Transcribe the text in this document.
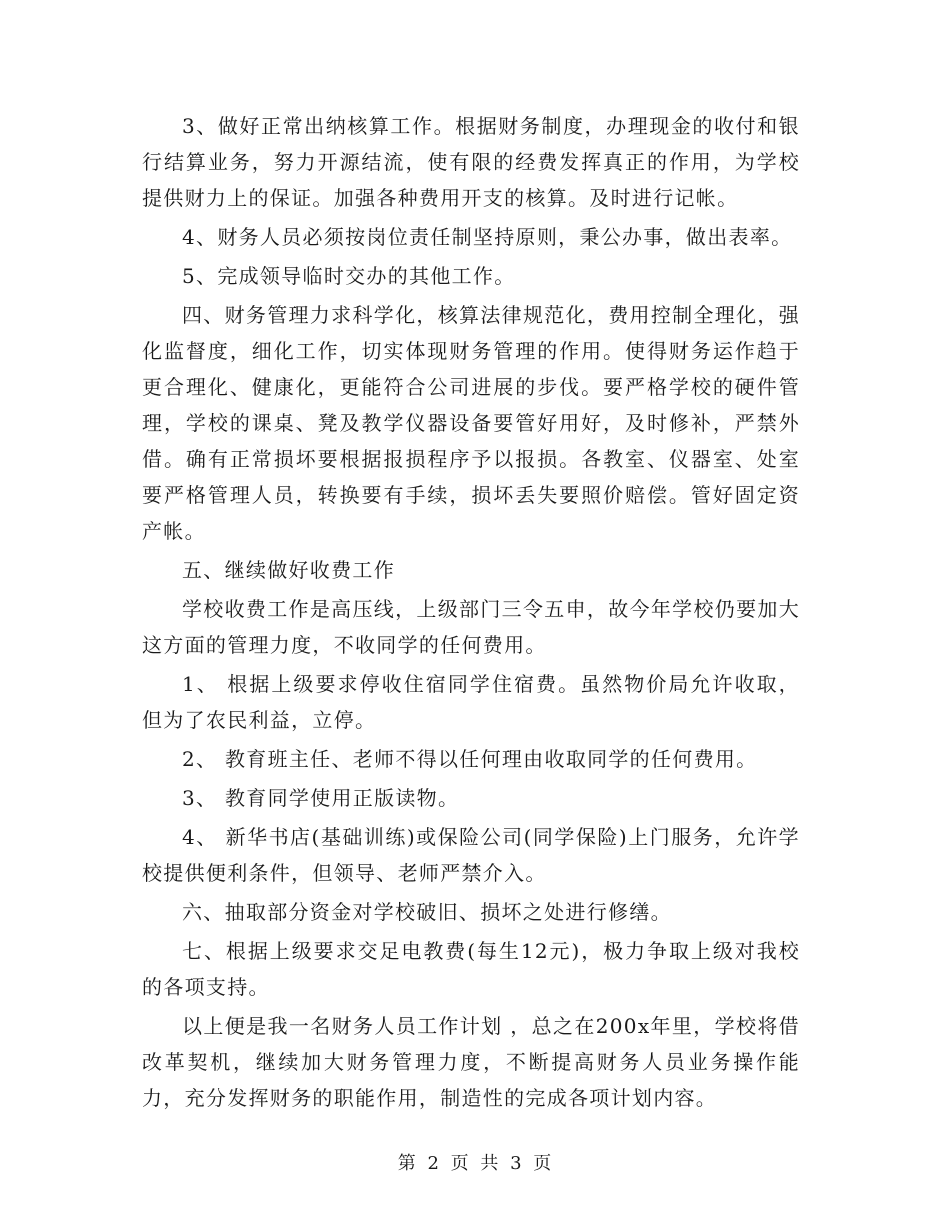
3、做好正常出纳核算工作。根据财务制度，办理现金的收付和银行结算业务，努力开源结流，使有限的经费发挥真正的作用，为学校提供财力上的保证。加强各种费用开支的核算。及时进行记帐。

4、财务人员必须按岗位责任制坚持原则，秉公办事，做出表率。

5、完成领导临时交办的其他工作。

四、财务管理力求科学化，核算法律规范化，费用控制全理化，强化监督度，细化工作，切实体现财务管理的作用。使得财务运作趋于更合理化、健康化，更能符合公司进展的步伐。要严格学校的硬件管理，学校的课桌、凳及教学仪器设备要管好用好，及时修补，严禁外借。确有正常损坏要根据报损程序予以报损。各教室、仪器室、处室要严格管理人员，转换要有手续，损坏丢失要照价赔偿。管好固定资产帐。

五、继续做好收费工作

学校收费工作是高压线，上级部门三令五申，故今年学校仍要加大这方面的管理力度，不收同学的任何费用。

1、 根据上级要求停收住宿同学住宿费。虽然物价局允许收取，但为了农民利益，立停。

2、 教育班主任、老师不得以任何理由收取同学的任何费用。

3、 教育同学使用正版读物。

4、 新华书店(基础训练)或保险公司(同学保险)上门服务，允许学校提供便利条件，但领导、老师严禁介入。

六、抽取部分资金对学校破旧、损坏之处进行修缮。

七、根据上级要求交足电教费(每生12元)，极力争取上级对我校的各项支持。

以上便是我一名财务人员工作计划 ，总之在200x年里，学校将借改革契机，继续加大财务管理力度，不断提高财务人员业务操作能力，充分发挥财务的职能作用，制造性的完成各项计划内容。

第 2 页 共 3 页
